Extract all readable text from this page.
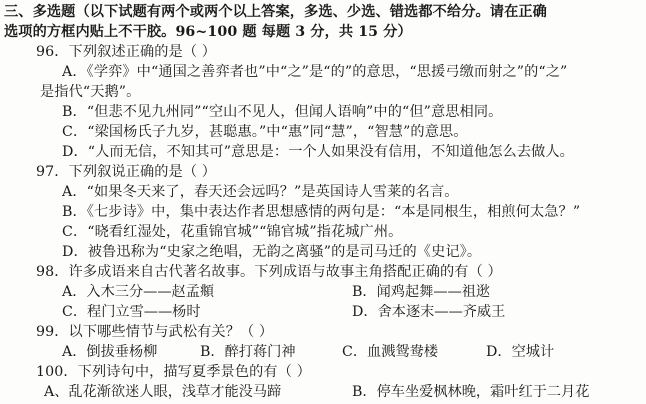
三、多选题（以下试题有两个或两个以上答案，多选、少选、错选都不给分。请在正确
选项的方框内贴上不干胶。96~100 题 每题 3 分，共 15 分）
96．下列叙述正确的是（ ）
A．《学弈》中“通国之善弈者也”中“之”是“的”的意思，“思援弓缴而射之”的“之”
是指代“天鹅”。
B．“但悲不见九州同”“空山不见人，但闻人语响”中的“但”意思相同。
C．“梁国杨氏子九岁，甚聪惠。”中“惠”同“慧”，“智慧”的意思。
D．“人而无信，不知其可”意思是：一个人如果没有信用，不知道他怎么去做人。
97．下列叙说正确的是（ ）
A．“如果冬天来了，春天还会远吗？”是英国诗人雪莱的名言。
B．《七步诗》中，集中表达作者思想感情的两句是：“本是同根生，相煎何太急？”
C．“晓看红湿处，花重锦官城”“锦官城”指花城广州。
D．被鲁迅称为“史家之绝唱，无韵之离骚”的是司马迁的《史记》。
98．许多成语来自古代著名故事。下列成语与故事主角搭配正确的有（ ）
A．入木三分——赵孟頫	B．闻鸡起舞——祖逖
C．程门立雪——杨时	D．舍本逐末——齐威王
99．以下哪些情节与武松有关？（ ）
A．倒拔垂杨柳	B．醉打蒋门神	C．血溅鸳鸯楼	D．空城计
100．下列诗句中，描写夏季景色的有（ ）
A、乱花渐欲迷人眼，浅草才能没马蹄	B．停车坐爱枫林晚，霜叶红于二月花
